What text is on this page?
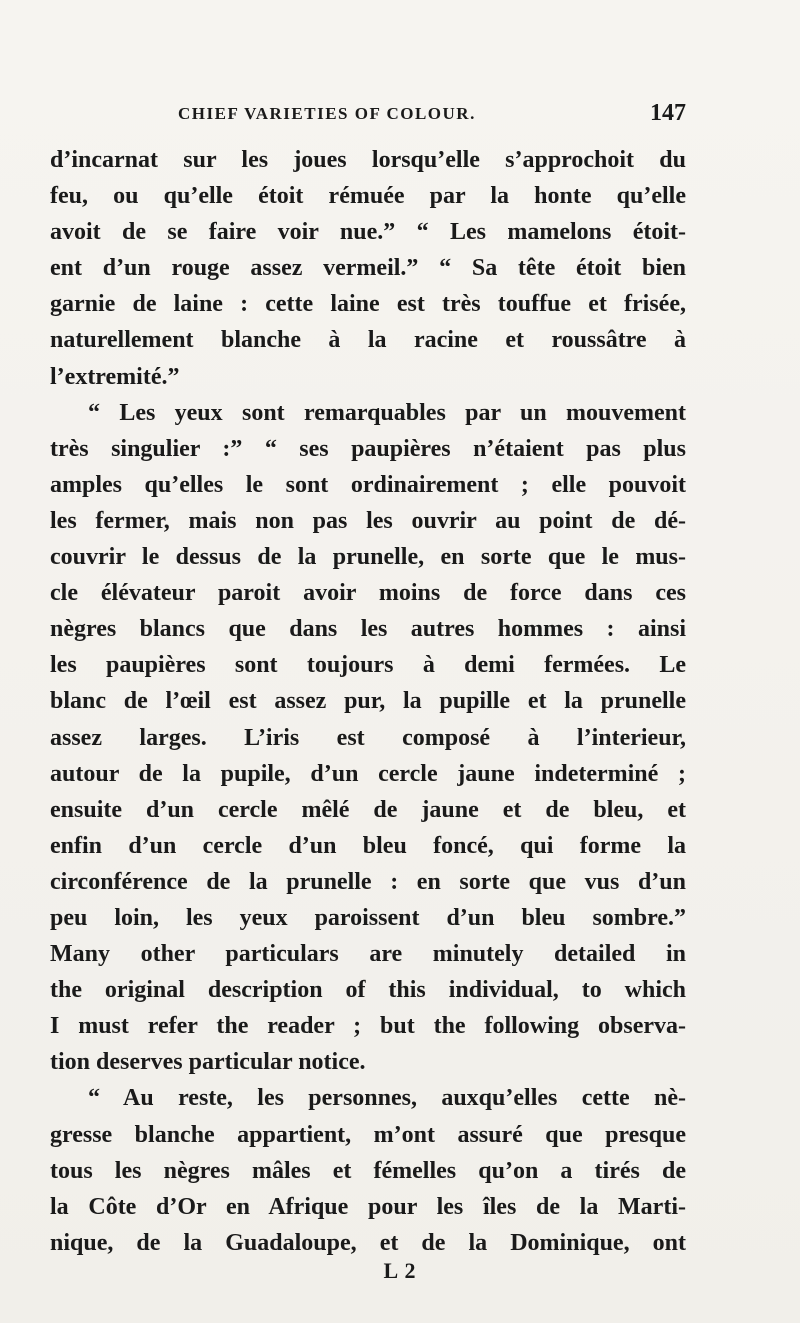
CHIEF VARIETIES OF COLOUR.	147
d’incarnat sur les joues lorsqu’elle s’approchoit du
feu, ou qu’elle étoit rémuée par la honte qu’elle
avoit de se faire voir nue.” “ Les mamelons étoit-
ent d’un rouge assez vermeil.” “ Sa tête étoit bien
garnie de laine : cette laine est très touffue et frisée,
naturellement blanche à la racine et roussâtre à
l’extremité.”
“ Les yeux sont remarquables par un mouvement
très singulier :” “ ses paupières n’étaient pas plus
amples qu’elles le sont ordinairement ; elle pouvoit
les fermer, mais non pas les ouvrir au point de dé-
couvrir le dessus de la prunelle, en sorte que le mus-
cle élévateur paroit avoir moins de force dans ces
nègres blancs que dans les autres hommes : ainsi
les paupières sont toujours à demi fermées. Le
blanc de l’œil est assez pur, la pupille et la prunelle
assez larges. L’iris est composé à l’interieur,
autour de la pupile, d’un cercle jaune indeterminé ;
ensuite d’un cercle mêlé de jaune et de bleu, et
enfin d’un cercle d’un bleu foncé, qui forme la
circonférence de la prunelle : en sorte que vus d’un
peu loin, les yeux paroissent d’un bleu sombre.”
Many other particulars are minutely detailed in
the original description of this individual, to which
I must refer the reader ; but the following observa-
tion deserves particular notice.
“ Au reste, les personnes, auxqu’elles cette nè-
gresse blanche appartient, m’ont assuré que presque
tous les nègres mâles et fémelles qu’on a tirés de
la Côte d’Or en Afrique pour les îles de la Marti-
nique, de la Guadaloupe, et de la Dominique, ont
L 2
